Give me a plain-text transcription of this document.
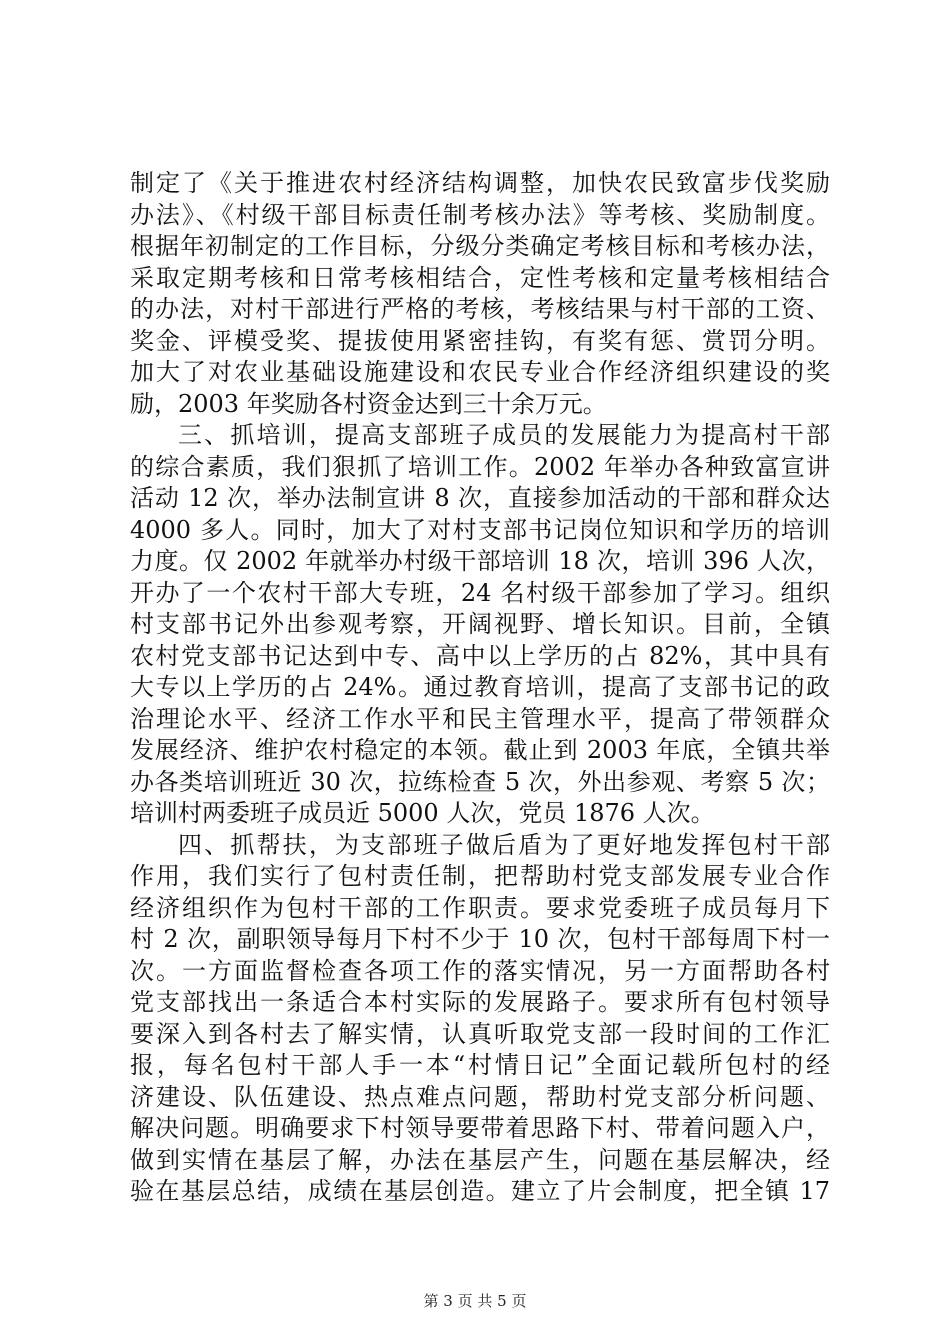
制定了《关于推进农村经济结构调整，加快农民致富步伐奖励
办法》、《村级干部目标责任制考核办法》等考核、奖励制度。
根据年初制定的工作目标，分级分类确定考核目标和考核办法，
采取定期考核和日常考核相结合，定性考核和定量考核相结合
的办法，对村干部进行严格的考核，考核结果与村干部的工资、
奖金、评模受奖、提拔使用紧密挂钩，有奖有惩、赏罚分明。
加大了对农业基础设施建设和农民专业合作经济组织建设的奖
励，2003 年奖励各村资金达到三十余万元。
三、抓培训，提高支部班子成员的发展能力为提高村干部
的综合素质，我们狠抓了培训工作。2002 年举办各种致富宣讲
活动 12 次，举办法制宣讲 8 次，直接参加活动的干部和群众达
4000 多人。同时，加大了对村支部书记岗位知识和学历的培训
力度。仅 2002 年就举办村级干部培训 18 次，培训 396 人次，
开办了一个农村干部大专班，24 名村级干部参加了学习。组织
村支部书记外出参观考察，开阔视野、增长知识。目前，全镇
农村党支部书记达到中专、高中以上学历的占 82%，其中具有
大专以上学历的占 24%。通过教育培训，提高了支部书记的政
治理论水平、经济工作水平和民主管理水平，提高了带领群众
发展经济、维护农村稳定的本领。截止到 2003 年底，全镇共举
办各类培训班近 30 次，拉练检查 5 次，外出参观、考察 5 次；
培训村两委班子成员近 5000 人次，党员 1876 人次。
四、抓帮扶，为支部班子做后盾为了更好地发挥包村干部
作用，我们实行了包村责任制，把帮助村党支部发展专业合作
经济组织作为包村干部的工作职责。要求党委班子成员每月下
村 2 次，副职领导每月下村不少于 10 次，包村干部每周下村一
次。一方面监督检查各项工作的落实情况，另一方面帮助各村
党支部找出一条适合本村实际的发展路子。要求所有包村领导
要深入到各村去了解实情，认真听取党支部一段时间的工作汇
报，每名包村干部人手一本“村情日记”全面记载所包村的经
济建设、队伍建设、热点难点问题，帮助村党支部分析问题、
解决问题。明确要求下村领导要带着思路下村、带着问题入户，
做到实情在基层了解，办法在基层产生，问题在基层解决，经
验在基层总结，成绩在基层创造。建立了片会制度，把全镇 17
第 3 页 共 5 页
